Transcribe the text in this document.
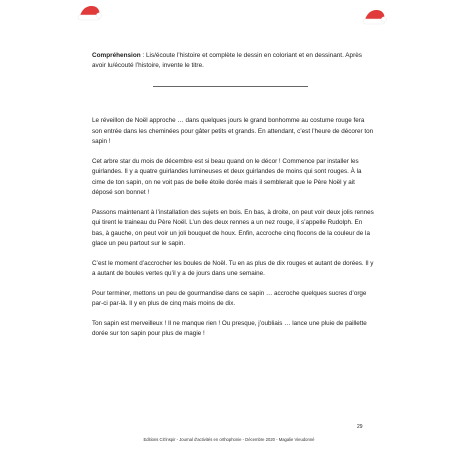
Compréhension : Lis/écoute l’histoire et complète le dessin en coloriant et en dessinant. Après avoir lu/écouté l’histoire, invente le titre.

Le réveillon de Noël approche … dans quelques jours le grand bonhomme au costume rouge fera son entrée dans les cheminées pour gâter petits et grands. En attendant, c’est l’heure de décorer ton sapin !

Cet arbre star du mois de décembre est si beau quand on le décor ! Commence par installer les guirlandes. Il y a quatre guirlandes lumineuses et deux guirlandes de moins qui sont rouges. À la cime de ton sapin, on ne voit pas de belle étoile dorée mais il semblerait que le Père Noël y ait déposé son bonnet !

Passons maintenant à l’installation des sujets en bois. En bas, à droite, on peut voir deux jolis rennes qui tirent le traineau du Père Noël. L’un des deux rennes a un nez rouge, il s’appelle Rudolph. En bas, à gauche, on peut voir un joli bouquet de houx. Enfin, accroche cinq flocons de la couleur de la glace un peu partout sur le sapin.

C’est le moment d’accrocher les boules de Noël. Tu en as plus de dix rouges et autant de dorées. Il y a autant de boules vertes qu’il y a de jours dans une semaine.

Pour terminer, mettons un peu de gourmandise dans ce sapin … accroche quelques sucres d’orge par-ci par-là. Il y en plus de cinq mais moins de dix.

Ton sapin est merveilleux ! Il ne manque rien ! Ou presque, j’oubliais … lance une pluie de paillette dorée sur ton sapin pour plus de magie !

29
Editions Cit'inspir - Journal d'activités en orthophonie - Décembre 2020 - Magalie Vieudonné
